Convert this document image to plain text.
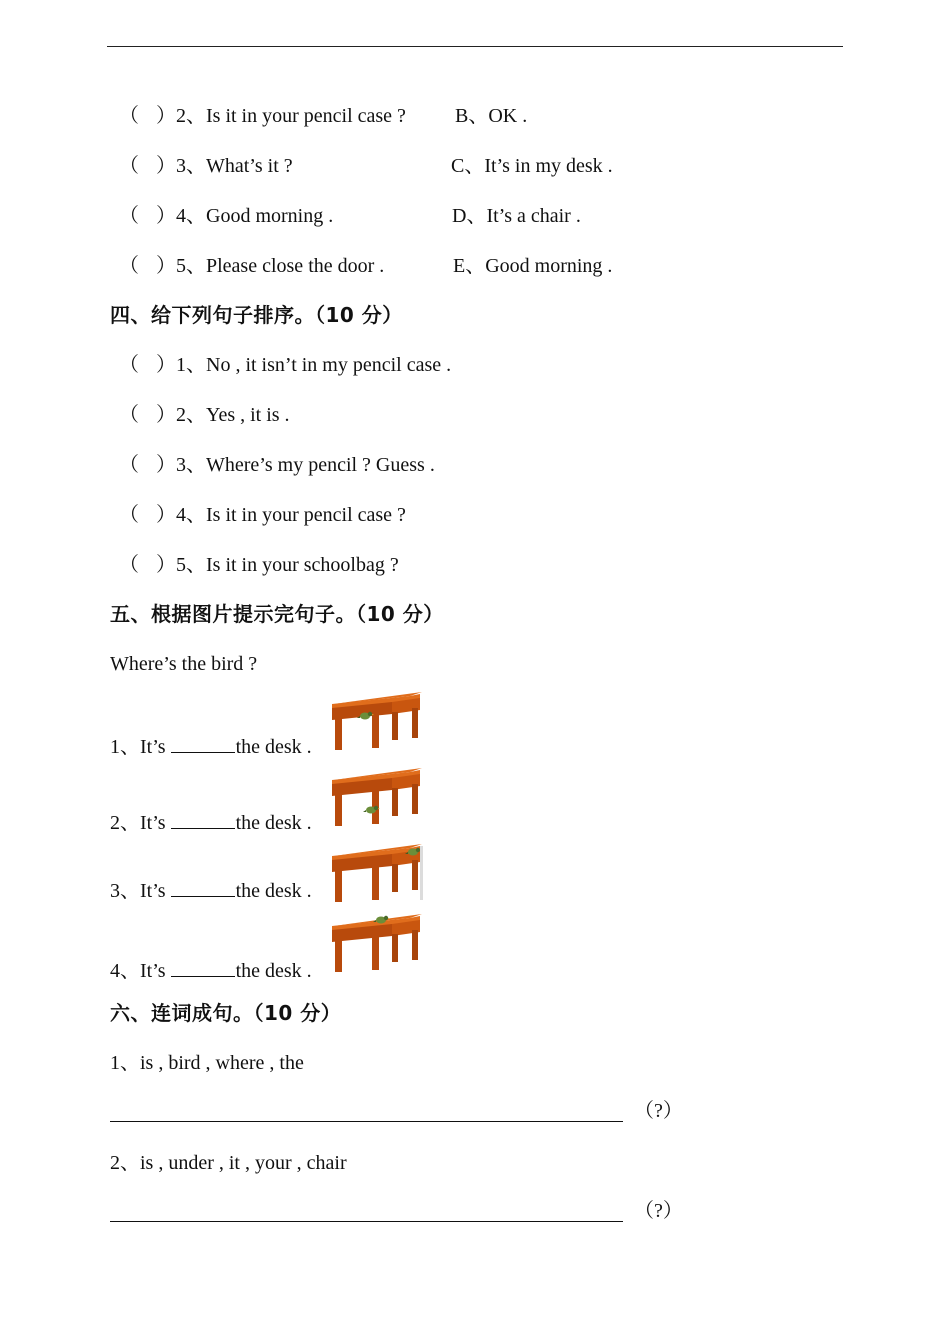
（ ） 2、Is it in your pencil case ? B、OK .
（ ） 3、What’s it ?	C、It’s in my desk .
（ ） 4、Good morning .	D、It’s a chair .
（ ） 5、Please close the door .	E、Good morning .
四、给下列句子排序。（10 分）
（ ） 1、No , it isn’t in my pencil case .
（ ） 2、Yes , it is .
（ ） 3、Where’s my pencil ? Guess .
（ ） 4、Is it in your pencil case ?
（ ） 5、Is it in your schoolbag ?
五、根据图片提示完句子。（10 分）
Where’s the bird ?
1、It’s	the desk .
2、It’s	the desk .
3、It’s	the desk .
4、It’s	the desk .
六、连词成句。（10 分）
1、is , bird , where , the
（?）
2、is , under , it , your , chair
（?）
